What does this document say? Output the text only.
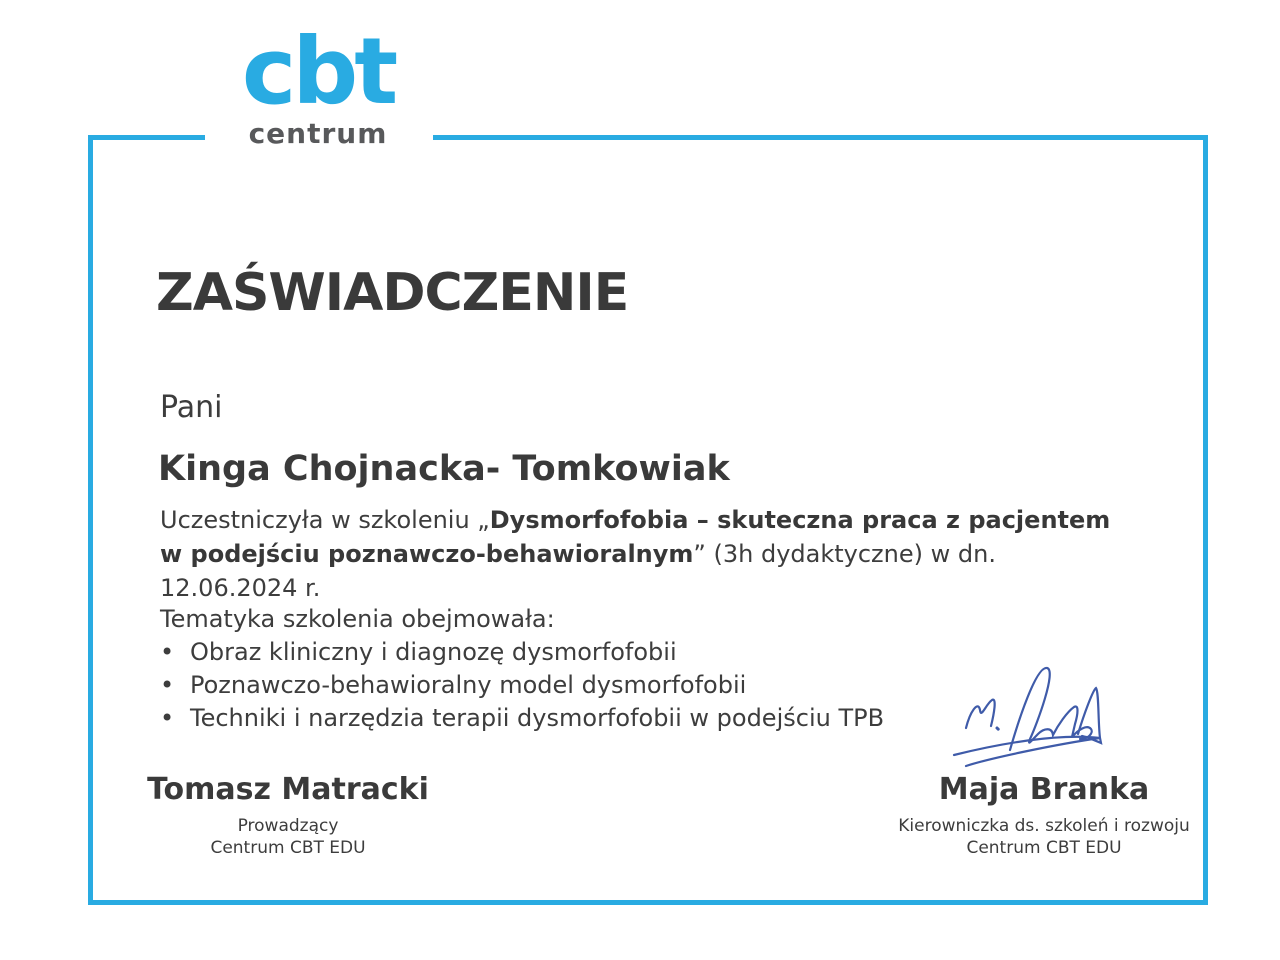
cbt
centrum
ZAŚWIADCZENIE
Pani
Kinga Chojnacka- Tomkowiak

Uczestniczyła w szkoleniu „Dysmorfofobia – skuteczna praca z pacjentem w podejściu poznawczo-behawioralnym” (3h dydaktyczne) w dn. 12.06.2024 r.

Tematyka szkolenia obejmowała:
• Obraz kliniczny i diagnozę dysmorfofobii
• Poznawczo-behawioralny model dysmorfofobii
• Techniki i narzędzia terapii dysmorfofobii w podejściu TPB
Tomasz Matracki
Prowadzący
Centrum CBT EDU
Maja Branka
Kierowniczka ds. szkoleń i rozwoju
Centrum CBT EDU
